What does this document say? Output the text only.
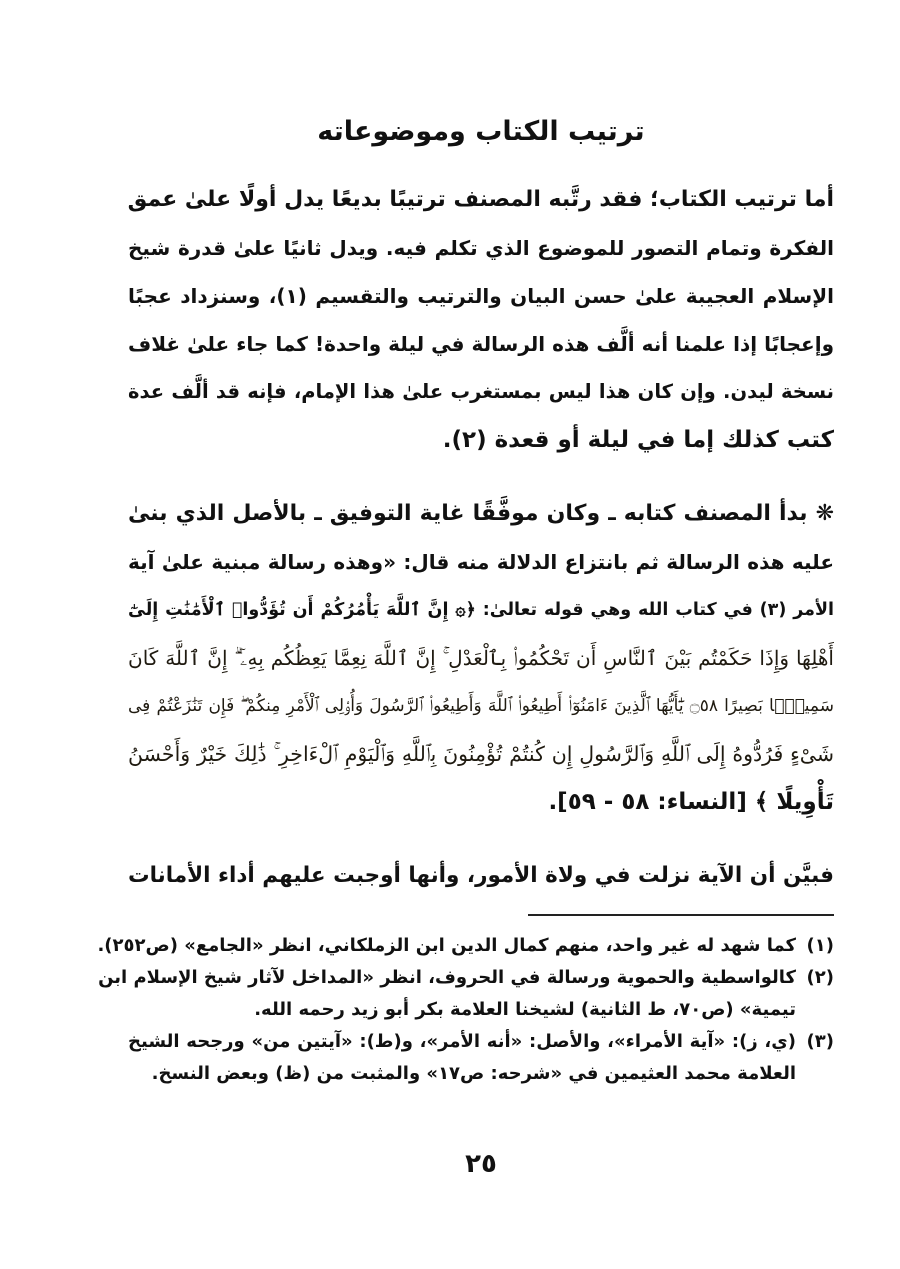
ترتيب الكتاب وموضوعاته
أما ترتيب الكتاب؛ فقد رتَّبه المصنف ترتيبًا بديعًا يدل أولًا علىٰ عمق
الفكرة وتمام التصور للموضوع الذي تكلم فيه. ويدل ثانيًا علىٰ قدرة شيخ
الإسلام العجيبة علىٰ حسن البيان والترتيب والتقسيم (١)، وسنزداد عجبًا
وإعجابًا إذا علمنا أنه ألَّف هذه الرسالة في ليلة واحدة! كما جاء علىٰ غلاف
نسخة ليدن. وإن كان هذا ليس بمستغرب علىٰ هذا الإمام، فإنه قد ألَّف عدة
كتب كذلك إما في ليلة أو قعدة (٢).
❋ بدأ المصنف كتابه ـ وكان موفَّقًا غاية التوفيق ـ بالأصل الذي بنىٰ
عليه هذه الرسالة ثم بانتزاع الدلالة منه قال: «وهذه رسالة مبنية علىٰ آية
الأمر (٣) في كتاب الله وهي قوله تعالىٰ: ﴿۞ إِنَّ ٱللَّهَ يَأْمُرُكُمْ أَن تُؤَدُّوا۟ ٱلْأَمَٰنَٰتِ إِلَىٰٓ
أَهْلِهَا وَإِذَا حَكَمْتُم بَيْنَ ٱلنَّاسِ أَن تَحْكُمُوا۟ بِٱلْعَدْلِ ۚ إِنَّ ٱللَّهَ نِعِمَّا يَعِظُكُم بِهِۦٓ ۗ إِنَّ ٱللَّهَ كَانَ
سَمِيعًۢا بَصِيرًا ۝٥٨ يَٰٓأَيُّهَا ٱلَّذِينَ ءَامَنُوٓا۟ أَطِيعُوا۟ ٱللَّهَ وَأَطِيعُوا۟ ٱلرَّسُولَ وَأُو۟لِى ٱلْأَمْرِ مِنكُمْ ۖ فَإِن تَنَٰزَعْتُمْ فِى
شَىْءٍ فَرُدُّوهُ إِلَى ٱللَّهِ وَٱلرَّسُولِ إِن كُنتُمْ تُؤْمِنُونَ بِٱللَّهِ وَٱلْيَوْمِ ٱلْءَاخِرِ ۚ ذَٰلِكَ خَيْرٌ وَأَحْسَنُ
تَأْوِيلًا ﴾ [النساء: ٥٨ - ٥٩].
فبيَّن أن الآية نزلت في ولاة الأمور، وأنها أوجبت عليهم أداء الأمانات
(١)
كما شهد له غير واحد، منهم كمال الدين ابن الزملكاني، انظر «الجامع» (ص٢٥٢).
(٢)
كالواسطية والحموية ورسالة في الحروف، انظر «المداخل لآثار شيخ الإسلام ابن
تيمية» (ص٧٠، ط الثانية) لشيخنا العلامة بكر أبو زيد رحمه الله.
(٣)
(ي، ز): «آية الأمراء»، والأصل: «أنه الأمر»، و(ط): «آيتين من» ورجحه الشيخ
العلامة محمد العثيمين في «شرحه: ص١٧» والمثبت من (ظ) وبعض النسخ.
٢٥
